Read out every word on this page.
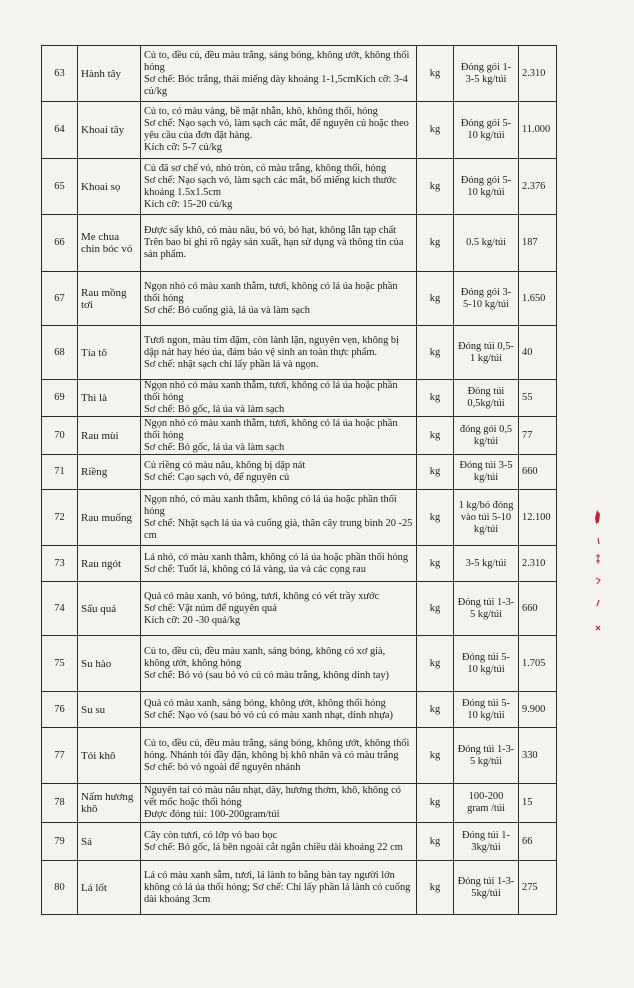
63	Hành tây	Củ to, đều củ, đều màu trắng, sáng bóng, không ướt, không thối hỏng
Sơ chế: Bóc trắng, thái miếng dày khoảng 1-1,5cmKích cỡ: 3-4 củ/kg	kg	Đóng gói 1-3-5 kg/túi	2.310
64	Khoai tây	Củ to, có màu vàng, bề mặt nhẵn, khô, không thối, hỏng
Sơ chế: Nạo sạch vỏ, làm sạch các mắt, để nguyên củ hoặc theo yêu cầu của đơn đặt hàng.
Kích cỡ: 5-7 củ/kg	kg	Đóng gói 5-10 kg/túi	11.000
65	Khoai sọ	Củ đã sơ chế vỏ, nhỏ tròn, có màu trắng, không thối, hỏng
Sơ chế: Nạo sạch vỏ, làm sạch các mắt, bổ miếng kích thước khoảng 1.5x1.5cm
Kích cỡ: 15-20 củ/kg	kg	Đóng gói 5-10 kg/túi	2.376
66	Me chua chín bóc vỏ	Được sấy khô, có màu nâu, bỏ vỏ, bỏ hạt, không lẫn tạp chất
Trên bao bì ghi rõ ngày sản xuất, hạn sử dụng và thông tin của sản phẩm.	kg	0.5 kg/túi	187
67	Rau mồng tơi	Ngọn nhỏ có màu xanh thẫm, tươi, không có lá úa hoặc phần thối hỏng
Sơ chế: Bỏ cuống già, lá úa và làm sạch	kg	Đóng gói 3-5-10 kg/túi	1.650
68	Tía tô	Tươi ngon, màu tím đậm, còn lành lặn, nguyên vẹn, không bị dập nát hay héo úa, đảm bảo vệ sinh an toàn thực phẩm.
Sơ chế: nhặt sạch chỉ lấy phần lá và ngọn.	kg	Đóng túi 0,5-1 kg/túi	40
69	Thì là	Ngọn nhỏ có màu xanh thẫm, tươi, không có lá úa hoặc phần thối hỏng
Sơ chế: Bỏ gốc, lá úa và làm sạch	kg	Đóng túi 0,5kg/túi	55
70	Rau mùi	Ngọn nhỏ có màu xanh thẫm, tươi, không có lá úa hoặc phần thối hỏng
Sơ chế: Bỏ gốc, lá úa và làm sạch	kg	đóng gói 0,5 kg/túi	77
71	Riềng	Củ riềng có màu nâu, không bị dập nát
Sơ chế: Cạo sạch vỏ, để nguyên củ	kg	Đóng túi 3-5 kg/túi	660
72	Rau muống	Ngọn nhỏ, có màu xanh thẫm, không có lá úa hoặc phần thối hỏng
Sơ chế: Nhặt sạch lá úa và cuống già, thân cây trung bình 20 -25 cm	kg	1 kg/bó đóng vào túi 5-10 kg/túi	12.100
73	Rau ngót	Lá nhỏ, có màu xanh thẫm, không có lá úa hoặc phần thối hỏng
Sơ chế: Tuốt lá, không có lá vàng, úa và các cọng rau	kg	3-5 kg/túi	2.310
74	Sấu quả	Quả có màu xanh, vỏ bóng, tươi, không có vết trầy xước
Sơ chế: Vặt núm để nguyên quả
Kích cỡ: 20 -30 quả/kg	kg	Đóng túi 1-3-5 kg/túi	660
75	Su hào	Củ to, đều củ, đều màu xanh, sáng bóng, không có xơ già, không ướt, không hỏng
Sơ chế: Bỏ vỏ (sau bỏ vỏ củ có màu trắng, không dính tay)	kg	Đóng túi 5-10 kg/túi	1.705
76	Su su	Quả có màu xanh, sáng bóng, không ướt, không thối hỏng
Sơ chế: Nạo vỏ (sau bỏ vỏ củ có màu xanh nhạt, dính nhựa)	kg	Đóng túi 5-10 kg/túi	9.900
77	Tỏi khô	Củ to, đều củ, đều màu trắng, sáng bóng, không ướt, không thối hỏng. Nhánh tỏi đầy đặn, không bị khô nhăn và có màu trắng
Sơ chế: bỏ vỏ ngoài để nguyên nhánh	kg	Đóng túi 1-3-5 kg/túi	330
78	Nấm hương khô	Nguyên tai có màu nâu nhạt, dày, hương thơm, khô, không có vết mốc hoặc thối hỏng
Được đóng túi: 100-200gram/túi	kg	100-200 gram /túi	15
79	Sả	Cây còn tươi, có lớp vỏ bao bọc
Sơ chế: Bỏ gốc, lá bên ngoài cắt ngắn chiều dài khoảng 22 cm	kg	Đóng túi 1-3kg/túi	66
80	Lá lốt	Lá có màu xanh sẫm, tươi, lá lành to bằng bàn tay người lớn không có lá úa thối hỏng; Sơ chế: Chỉ lấy phần lá lành có cuống dài khoảng 3cm	kg	Đóng túi 1-3-5kg/túi	275
